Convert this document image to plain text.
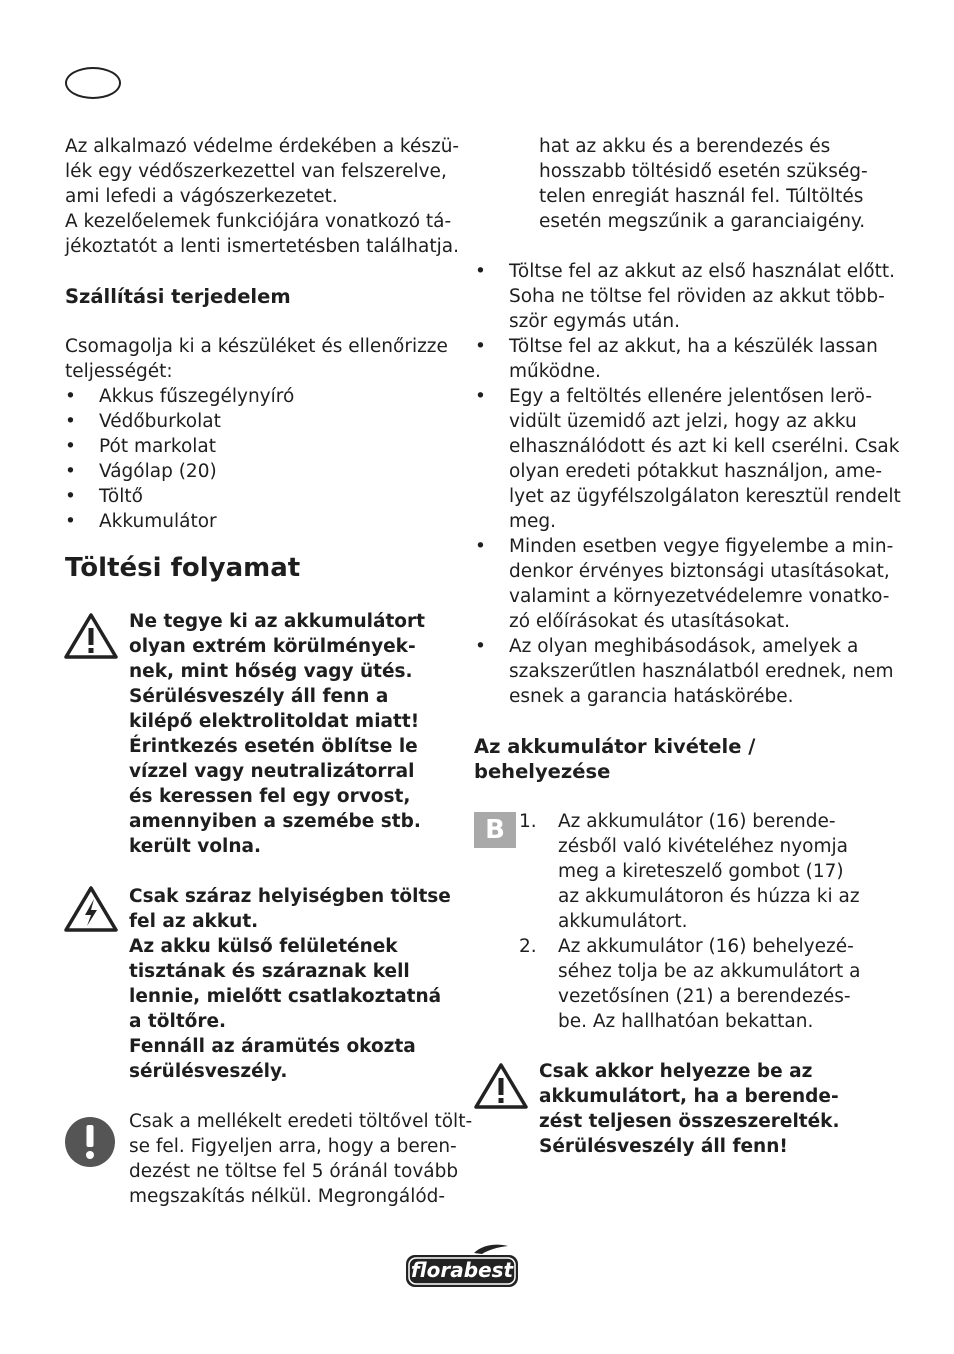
Az alkalmazó védelme érdekében a készü-
lék egy védőszerkezettel van felszerelve,
ami lefedi a vágószerkezetet.
A kezelőelemek funkciójára vonatkozó tá-
jékoztatót a lenti ismertetésben találhatja.
Szállítási terjedelem
Csomagolja ki a készüléket és ellenőrizze
teljességét:
• Akkus fűszegélynyíró
• Védőburkolat
• Pót markolat
• Vágólap (20)
• Töltő
• Akkumulátor
Töltési folyamat
Ne tegye ki az akkumulátort
olyan extrém körülmények-
nek, mint hőség vagy ütés.
Sérülésveszély áll fenn a
kilépő elektrolitoldat miatt!
Érintkezés esetén öblítse le
vízzel vagy neutralizátorral
és keressen fel egy orvost,
amennyiben a szemébe stb.
került volna.
Csak száraz helyiségben töltse
fel az akkut.
Az akku külső felületének
tisztának és száraznak kell
lennie, mielőtt csatlakoztatná
a töltőre.
Fennáll az áramütés okozta
sérülésveszély.
Csak a mellékelt eredeti töltővel tölt-
se fel. Figyeljen arra, hogy a beren-
dezést ne töltse fel 5 óránál tovább
megszakítás nélkül. Megrongálód-
hat az akku és a berendezés és
hosszabb töltésidő esetén szükség-
telen enregiát használ fel. Túltöltés
esetén megszűnik a garanciaigény.
• Töltse fel az akkut az első használat előtt.
Soha ne töltse fel röviden az akkut több-
ször egymás után.
• Töltse fel az akkut, ha a készülék lassan
működne.
• Egy a feltöltés ellenére jelentősen lerö-
vidült üzemidő azt jelzi, hogy az akku
elhasználódott és azt ki kell cserélni. Csak
olyan eredeti pótakkut használjon, ame-
lyet az ügyfélszolgálaton keresztül rendelt
meg.
• Minden esetben vegye figyelembe a min-
denkor érvényes biztonsági utasításokat,
valamint a környezetvédelemre vonatko-
zó előírásokat és utasításokat.
• Az olyan meghibásodások, amelyek a
szakszerűtlen használatból erednek, nem
esnek a garancia hatáskörébe.
Az akkumulátor kivétele /
behelyezése
B 1. Az akkumulátor (16) berende-
zésből való kivételéhez nyomja
meg a kireteszelő gombot (17)
az akkumulátoron és húzza ki az
akkumulátort.
2. Az akkumulátor (16) behelyezé-
séhez tolja be az akkumulátort a
vezetősínen (21) a berendezés-
be. Az hallhatóan bekattan.
Csak akkor helyezze be az
akkumulátort, ha a berende-
zést teljesen összeszerelték.
Sérülésveszély áll fenn!
florabest
